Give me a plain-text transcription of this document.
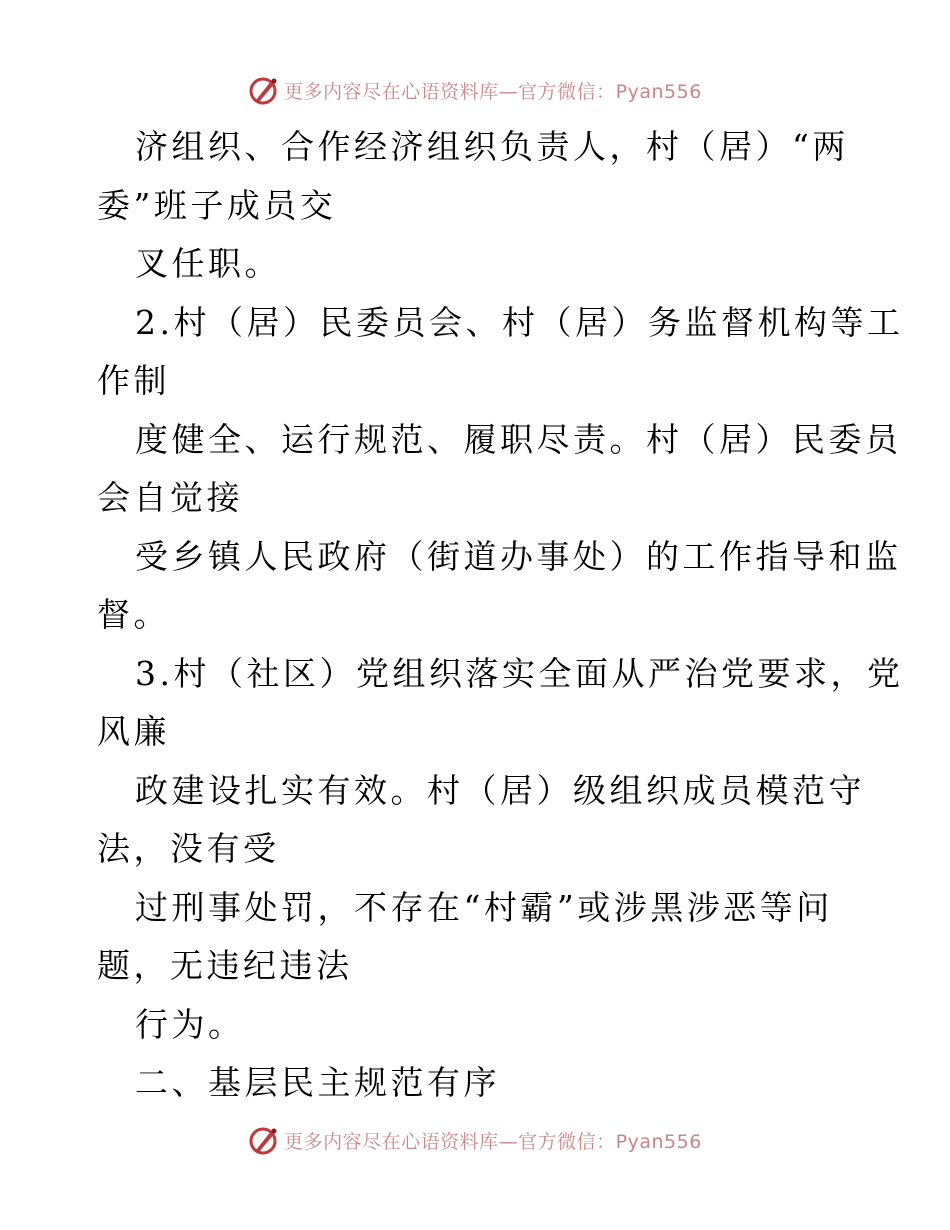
更多内容尽在心语资料库—官方微信：Pyan556
济组织、合作经济组织负责人，村（居）“两
委”班子成员交
叉任职。
2.村（居）民委员会、村（居）务监督机构等工
作制
度健全、运行规范、履职尽责。村（居）民委员
会自觉接
受乡镇人民政府（街道办事处）的工作指导和监
督。
3.村（社区）党组织落实全面从严治党要求，党
风廉
政建设扎实有效。村（居）级组织成员模范守
法，没有受
过刑事处罚，不存在“村霸”或涉黑涉恶等问
题，无违纪违法
行为。
二、基层民主规范有序
更多内容尽在心语资料库—官方微信：Pyan556
